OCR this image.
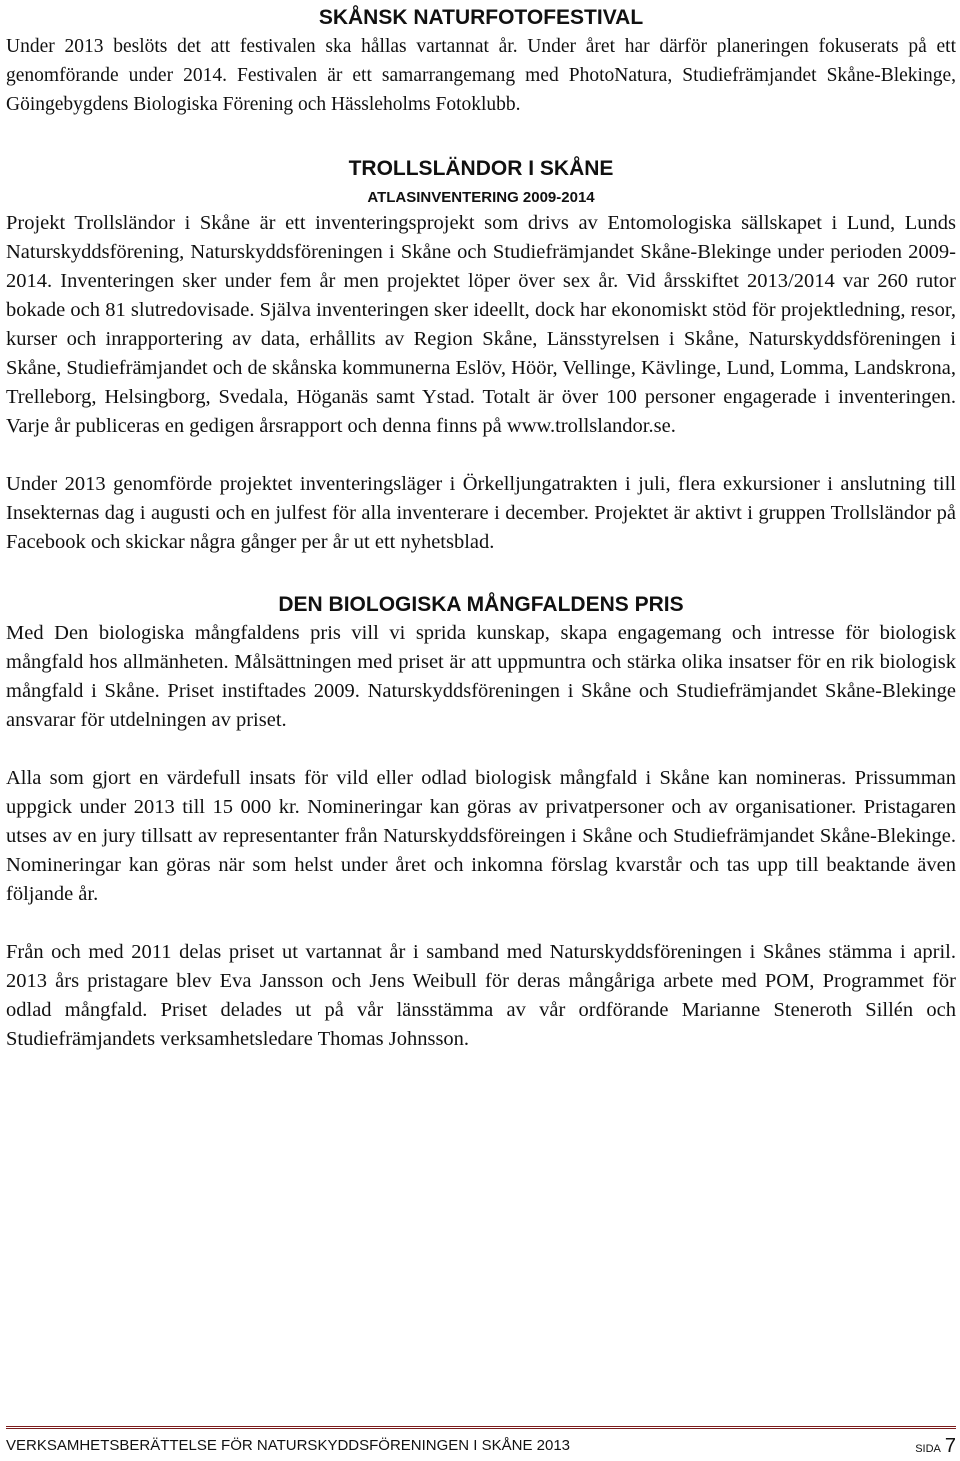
SKÅNSK NATURFOTOFESTIVAL

Under 2013 beslöts det att festivalen ska hållas vartannat år. Under året har därför planeringen fokuserats på ett genomförande under 2014. Festivalen är ett samarrangemang med PhotoNatura, Studiefrämjandet Skåne-Blekinge, Göingebygdens Biologiska Förening och Hässleholms Fotoklubb.

TROLLSLÄNDOR I SKÅNE
ATLASINVENTERING 2009-2014

Projekt Trollsländor i Skåne är ett inventeringsprojekt som drivs av Entomologiska sällskapet i Lund, Lunds Naturskyddsförening, Naturskyddsföreningen i Skåne och Studiefrämjandet Skåne-Blekinge under perioden 2009-2014. Inventeringen sker under fem år men projektet löper över sex år. Vid årsskiftet 2013/2014 var 260 rutor bokade och 81 slutredovisade. Själva inventeringen sker ideellt, dock har ekonomiskt stöd för projektledning, resor, kurser och inrapportering av data, erhållits av Region Skåne, Länsstyrelsen i Skåne, Naturskyddsföreningen i Skåne, Studiefrämjandet och de skånska kommunerna Eslöv, Höör, Vellinge, Kävlinge, Lund, Lomma, Landskrona, Trelleborg, Helsingborg, Svedala, Höganäs samt Ystad. Totalt är över 100 personer engagerade i inventeringen. Varje år publiceras en gedigen årsrapport och denna finns på www.trollslandor.se.

Under 2013 genomförde projektet inventeringsläger i Örkelljungatrakten i juli, flera exkursioner i anslutning till Insekternas dag i augusti och en julfest för alla inventerare i december. Projektet är aktivt i gruppen Trollsländor på Facebook och skickar några gånger per år ut ett nyhetsblad.

DEN BIOLOGISKA MÅNGFALDENS PRIS

Med Den biologiska mångfaldens pris vill vi sprida kunskap, skapa engagemang och intresse för biologisk mångfald hos allmänheten. Målsättningen med priset är att uppmuntra och stärka olika insatser för en rik biologisk mångfald i Skåne. Priset instiftades 2009. Naturskyddsföreningen i Skåne och Studiefrämjandet Skåne-Blekinge ansvarar för utdelningen av priset.

Alla som gjort en värdefull insats för vild eller odlad biologisk mångfald i Skåne kan nomineras. Prissumman uppgick under 2013 till 15 000 kr. Nomineringar kan göras av privatpersoner och av organisationer. Pristagaren utses av en jury tillsatt av representanter från Naturskyddsföreingen i Skåne och Studiefrämjandet Skåne-Blekinge. Nomineringar kan göras när som helst under året och inkomna förslag kvarstår och tas upp till beaktande även följande år.

Från och med 2011 delas priset ut vartannat år i samband med Naturskyddsföreningen i Skånes stämma i april. 2013 års pristagare blev Eva Jansson och Jens Weibull för deras mångåriga arbete med POM, Programmet för odlad mångfald. Priset delades ut på vår länsstämma av vår ordförande Marianne Steneroth Sillén och Studiefrämjandets verksamhetsledare Thomas Johnsson.

VERKSAMHETSBERÄTTELSE FÖR NATURSKYDDSFÖRENINGEN I SKÅNE 2013	SIDA 7
